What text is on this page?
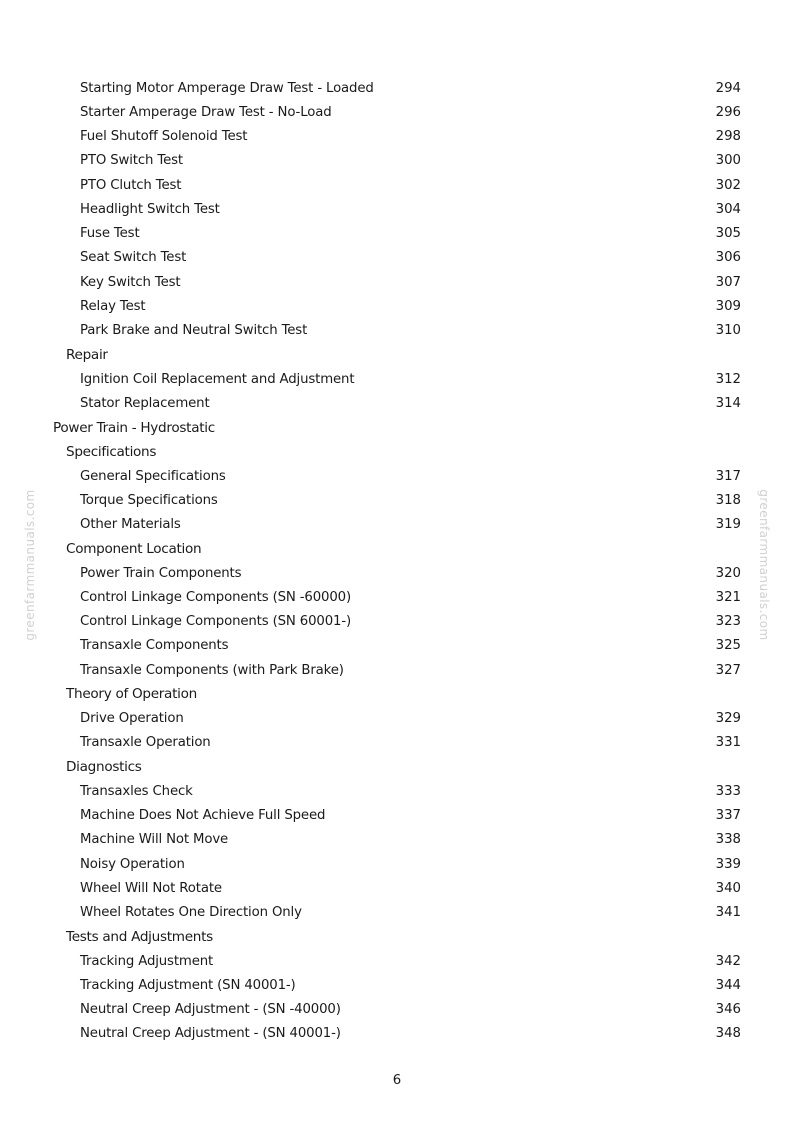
greenfarmmanuals.com	greenfarmmanuals.com
Starting Motor Amperage Draw Test - Loaded	294
Starter Amperage Draw Test - No-Load	296
Fuel Shutoff Solenoid Test	298
PTO Switch Test	300
PTO Clutch Test	302
Headlight Switch Test	304
Fuse Test	305
Seat Switch Test	306
Key Switch Test	307
Relay Test	309
Park Brake and Neutral Switch Test	310
Repair
Ignition Coil Replacement and Adjustment	312
Stator Replacement	314
Power Train - Hydrostatic
Specifications
General Specifications	317
Torque Specifications	318
Other Materials	319
Component Location
Power Train Components	320
Control Linkage Components (SN -60000)	321
Control Linkage Components (SN 60001-)	323
Transaxle Components	325
Transaxle Components (with Park Brake)	327
Theory of Operation
Drive Operation	329
Transaxle Operation	331
Diagnostics
Transaxles Check	333
Machine Does Not Achieve Full Speed	337
Machine Will Not Move	338
Noisy Operation	339
Wheel Will Not Rotate	340
Wheel Rotates One Direction Only	341
Tests and Adjustments
Tracking Adjustment	342
Tracking Adjustment (SN 40001-)	344
Neutral Creep Adjustment - (SN -40000)	346
Neutral Creep Adjustment - (SN 40001-)	348
6
